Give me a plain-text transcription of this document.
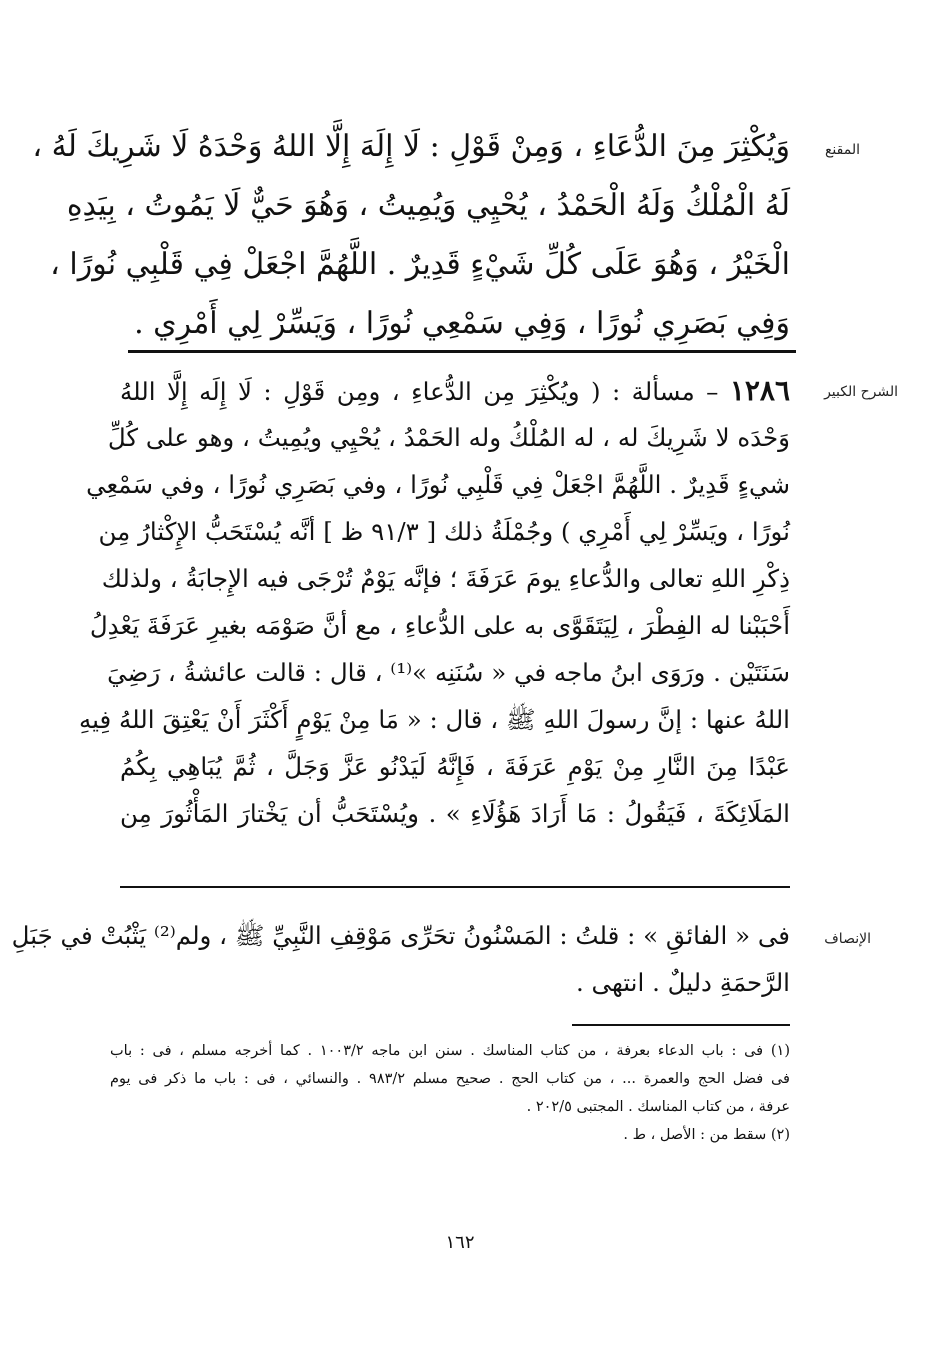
المقنع
وَيُكْثِرَ مِنَ الدُّعَاءِ ، وَمِنْ قَوْلِ : لَا إِلَهَ إِلَّا اللهُ وَحْدَهُ لَا شَرِيكَ لَهُ ،
لَهُ الْمُلْكُ وَلَهُ الْحَمْدُ ، يُحْيِي وَيُمِيتُ ، وَهُوَ حَيٌّ لَا يَمُوتُ ، بِيَدِهِ
الْخَيْرُ ، وَهُوَ عَلَى كُلِّ شَيْءٍ قَدِيرٌ . اللَّهُمَّ اجْعَلْ فِي قَلْبِي نُورًا ،
وَفِي بَصَرِي نُورًا ، وَفِي سَمْعِي نُورًا ، وَيَسِّرْ لِي أَمْرِي .
الشرح الكبير
١٢٨٦ – مسألة : ( ويُكْثِرَ مِن الدُّعاءِ ، ومِن قَوْلِ : لَا إِلَه إِلَّا اللهُ
وَحْدَه لا شَرِيكَ له ، له المُلْكُ وله الحَمْدُ ، يُحْيِي ويُمِيتُ ، وهو على كُلِّ
شيءٍ قَدِيرٌ . اللَّهُمَّ اجْعَلْ فِي قَلْبِي نُورًا ، وفي بَصَرِي نُورًا ، وفي سَمْعِي
نُورًا ، ويَسِّرْ لِي أَمْرِي ) وجُمْلَةُ ذلك [ ٩١/٣ ظ ] أنَّه يُسْتَحَبُّ الإِكْثارُ مِن
ذِكْرِ اللهِ تعالى والدُّعاءِ يومَ عَرَفَةَ ؛ فإنَّه يَوْمٌ تُرْجَى فيه الإِجابَةُ ، ولذلك
أَحْبَبْنا له الفِطْرَ ، لِيَتَقَوَّى به على الدُّعاءِ ، مع أنَّ صَوْمَه بغيرِ عَرَفَةَ يَعْدِلُ
سَنَتَيْن . ورَوَى ابنُ ماجه في « سُنَنِه »⁽¹⁾ ، قال : قالت عائشةُ ، رَضِيَ
اللهُ عنها : إنَّ رسولَ اللهِ ﷺ ، قال : « مَا مِنْ يَوْمٍ أَكْثَرَ أَنْ يَعْتِقَ اللهُ فِيهِ
عَبْدًا مِنَ النَّارِ مِنْ يَوْمِ عَرَفَةَ ، فَإِنَّهُ لَيَدْنُو عَزَّ وَجَلَّ ، ثُمَّ يُبَاهِي بِكُمُ
المَلَائِكَةَ ، فَيَقُولُ : مَا أَرَادَ هَؤُلَاءِ » . ويُسْتَحَبُّ أن يَخْتارَ المَأْثُورَ مِن
الإنصاف
فى « الفائقِ » : قلتُ : المَسْنُونُ تحَرِّى مَوْقِفِ النَّبِيِّ ﷺ ، ولم⁽²⁾ يَثْبُتْ في جَبَلِ
الرَّحمَةِ دليلٌ . انتهى .
(١) فى : باب الدعاء بعرفة ، من كتاب المناسك . سنن ابن ماجه ١٠٠٣/٢ . كما أخرجه مسلم ، فى : باب
فى فضل الحج والعمرة ... ، من كتاب الحج . صحيح مسلم ٩٨٣/٢ . والنسائي ، فى : باب ما ذكر فى يوم
عرفة ، من كتاب المناسك . المجتبى ٢٠٢/٥ .
(٢) سقط من : الأصل ، ط .
١٦٢
